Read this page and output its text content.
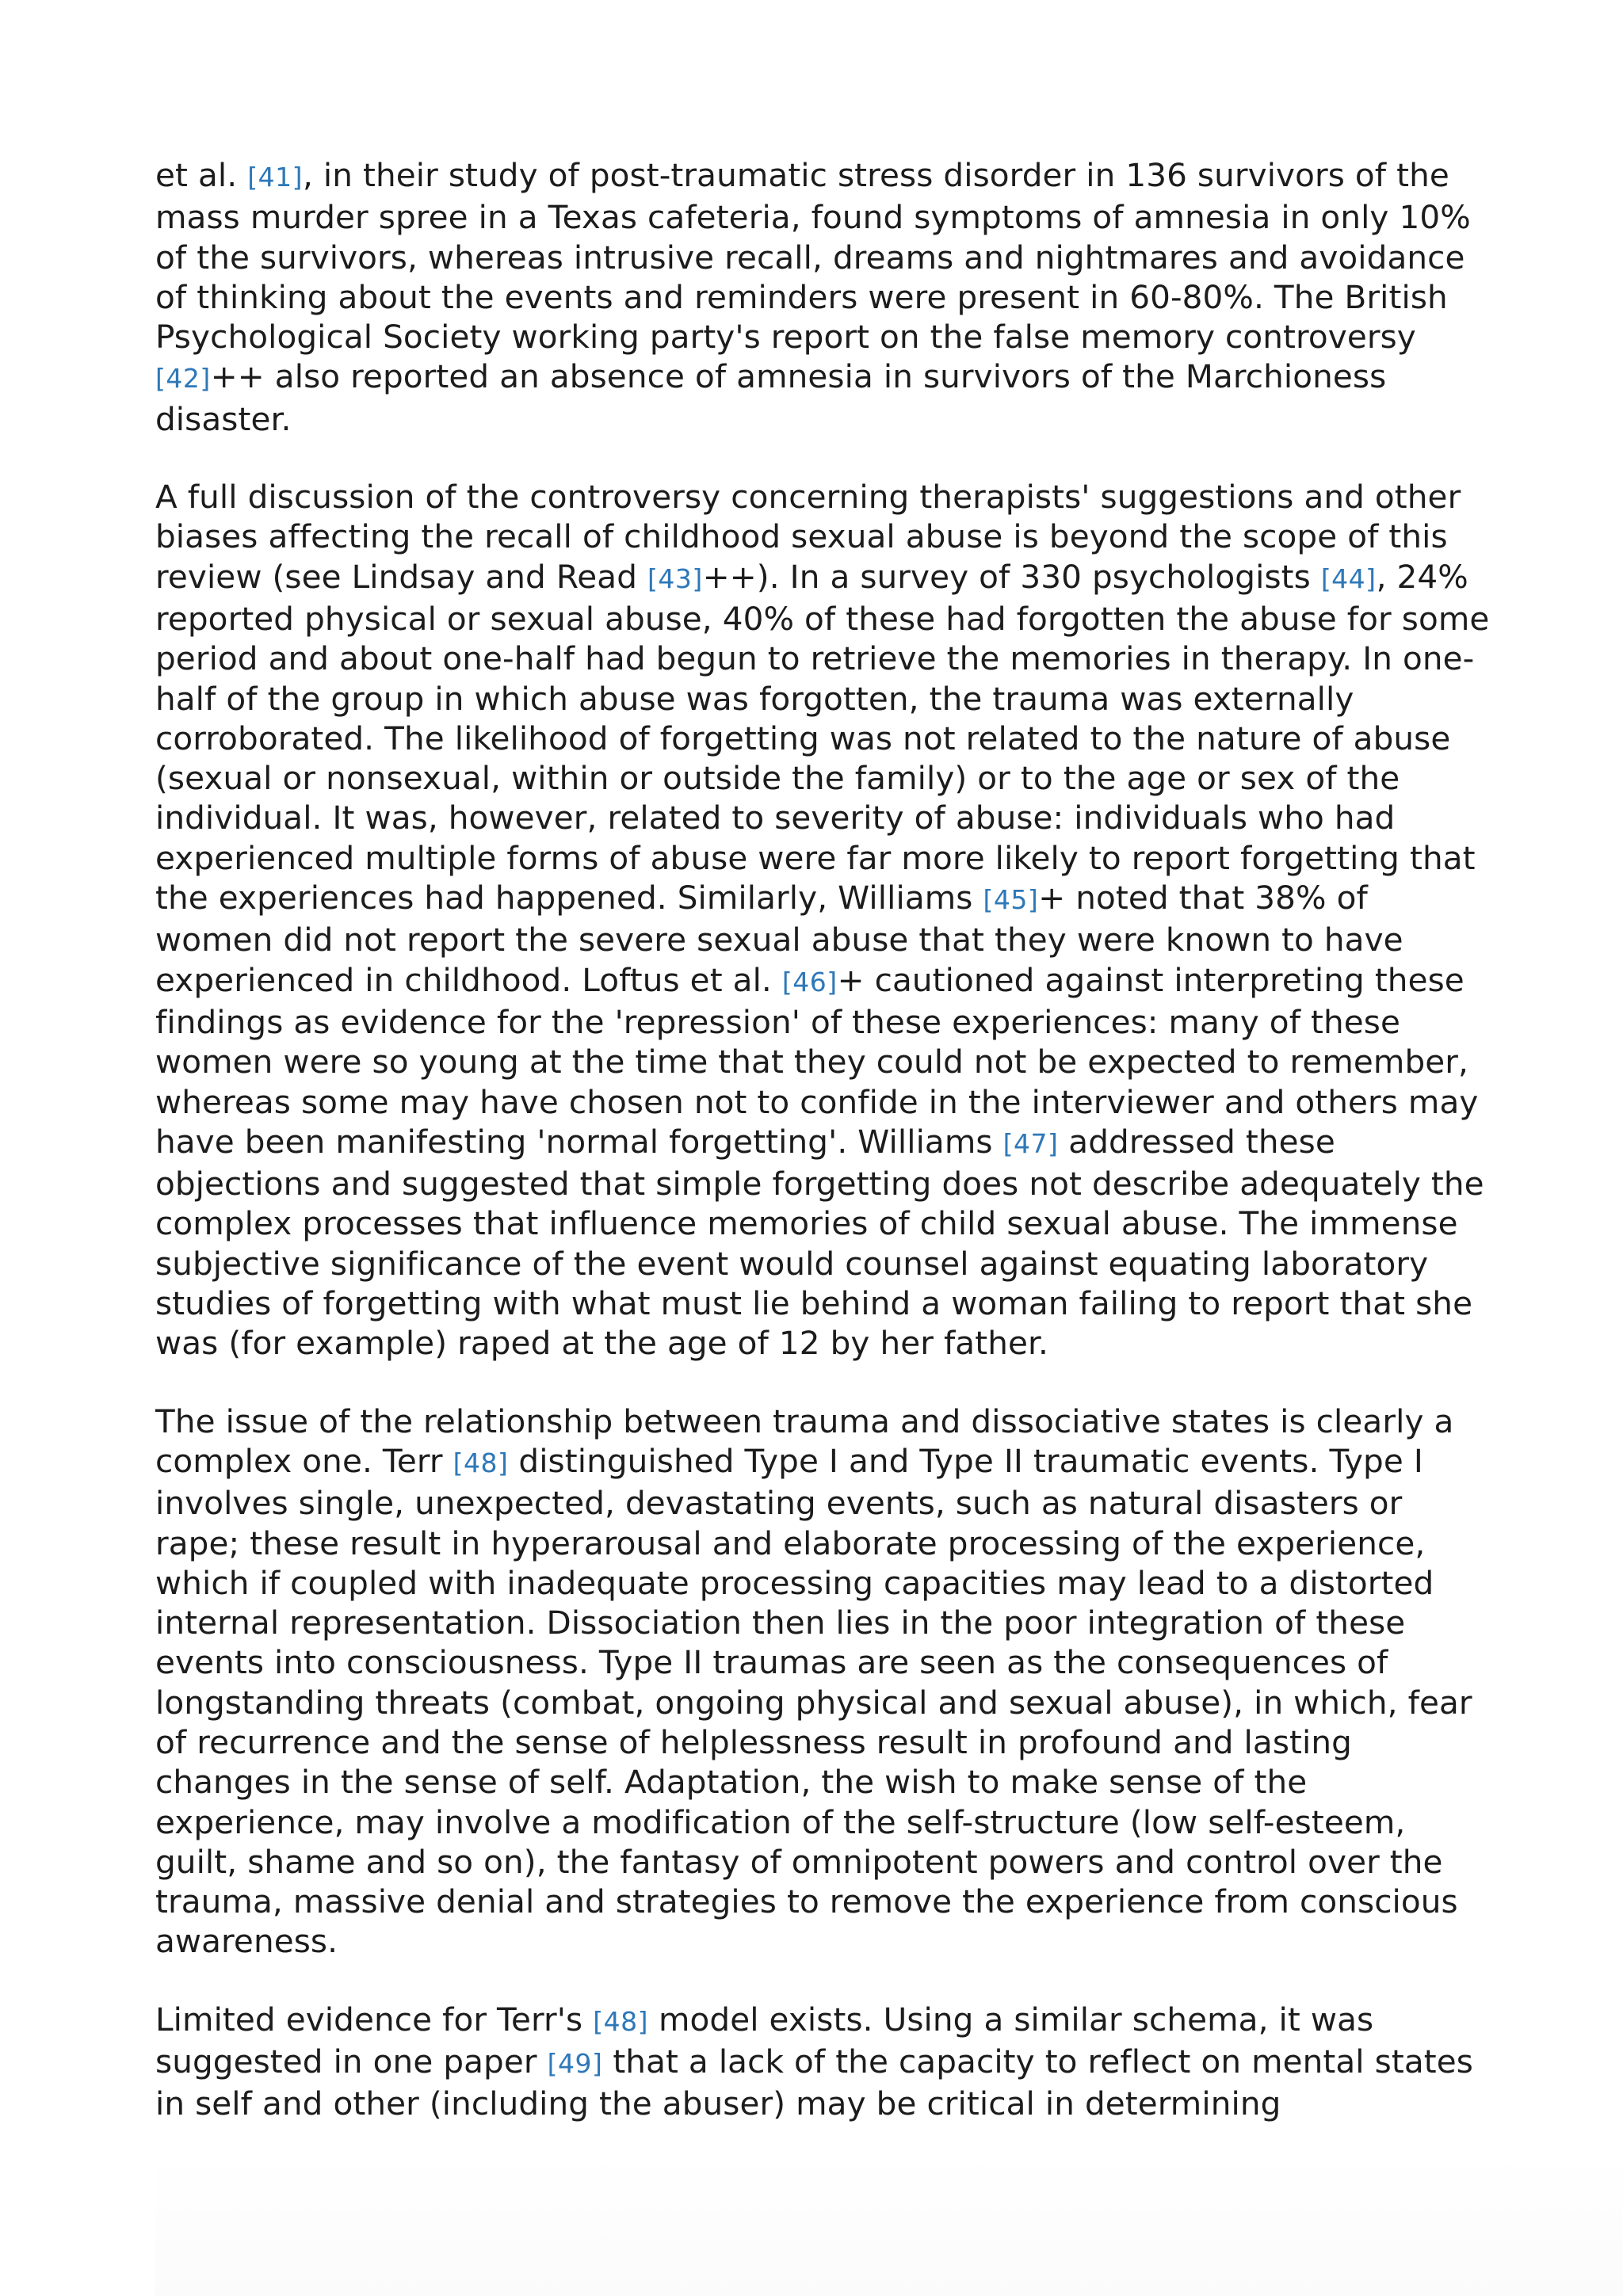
et al. [41], in their study of post-traumatic stress disorder in 136 survivors of the mass murder spree in a Texas cafeteria, found symptoms of amnesia in only 10% of the survivors, whereas intrusive recall, dreams and nightmares and avoidance of thinking about the events and reminders were present in 60-80%. The British Psychological Society working party's report on the false memory controversy [42]++ also reported an absence of amnesia in survivors of the Marchioness disaster.

A full discussion of the controversy concerning therapists' suggestions and other biases affecting the recall of childhood sexual abuse is beyond the scope of this review (see Lindsay and Read [43]++). In a survey of 330 psychologists [44], 24% reported physical or sexual abuse, 40% of these had forgotten the abuse for some period and about one-half had begun to retrieve the memories in therapy. In one-half of the group in which abuse was forgotten, the trauma was externally corroborated. The likelihood of forgetting was not related to the nature of abuse (sexual or nonsexual, within or outside the family) or to the age or sex of the individual. It was, however, related to severity of abuse: individuals who had experienced multiple forms of abuse were far more likely to report forgetting that the experiences had happened. Similarly, Williams [45]+ noted that 38% of women did not report the severe sexual abuse that they were known to have experienced in childhood. Loftus et al. [46]+ cautioned against interpreting these findings as evidence for the 'repression' of these experiences: many of these women were so young at the time that they could not be expected to remember, whereas some may have chosen not to confide in the interviewer and others may have been manifesting 'normal forgetting'. Williams [47] addressed these objections and suggested that simple forgetting does not describe adequately the complex processes that influence memories of child sexual abuse. The immense subjective significance of the event would counsel against equating laboratory studies of forgetting with what must lie behind a woman failing to report that she was (for example) raped at the age of 12 by her father.

The issue of the relationship between trauma and dissociative states is clearly a complex one. Terr [48] distinguished Type I and Type II traumatic events. Type I involves single, unexpected, devastating events, such as natural disasters or rape; these result in hyperarousal and elaborate processing of the experience, which if coupled with inadequate processing capacities may lead to a distorted internal representation. Dissociation then lies in the poor integration of these events into consciousness. Type II traumas are seen as the consequences of longstanding threats (combat, ongoing physical and sexual abuse), in which, fear of recurrence and the sense of helplessness result in profound and lasting changes in the sense of self. Adaptation, the wish to make sense of the experience, may involve a modification of the self-structure (low self-esteem, guilt, shame and so on), the fantasy of omnipotent powers and control over the trauma, massive denial and strategies to remove the experience from conscious awareness.

Limited evidence for Terr's [48] model exists. Using a similar schema, it was suggested in one paper [49] that a lack of the capacity to reflect on mental states in self and other (including the abuser) may be critical in determining
